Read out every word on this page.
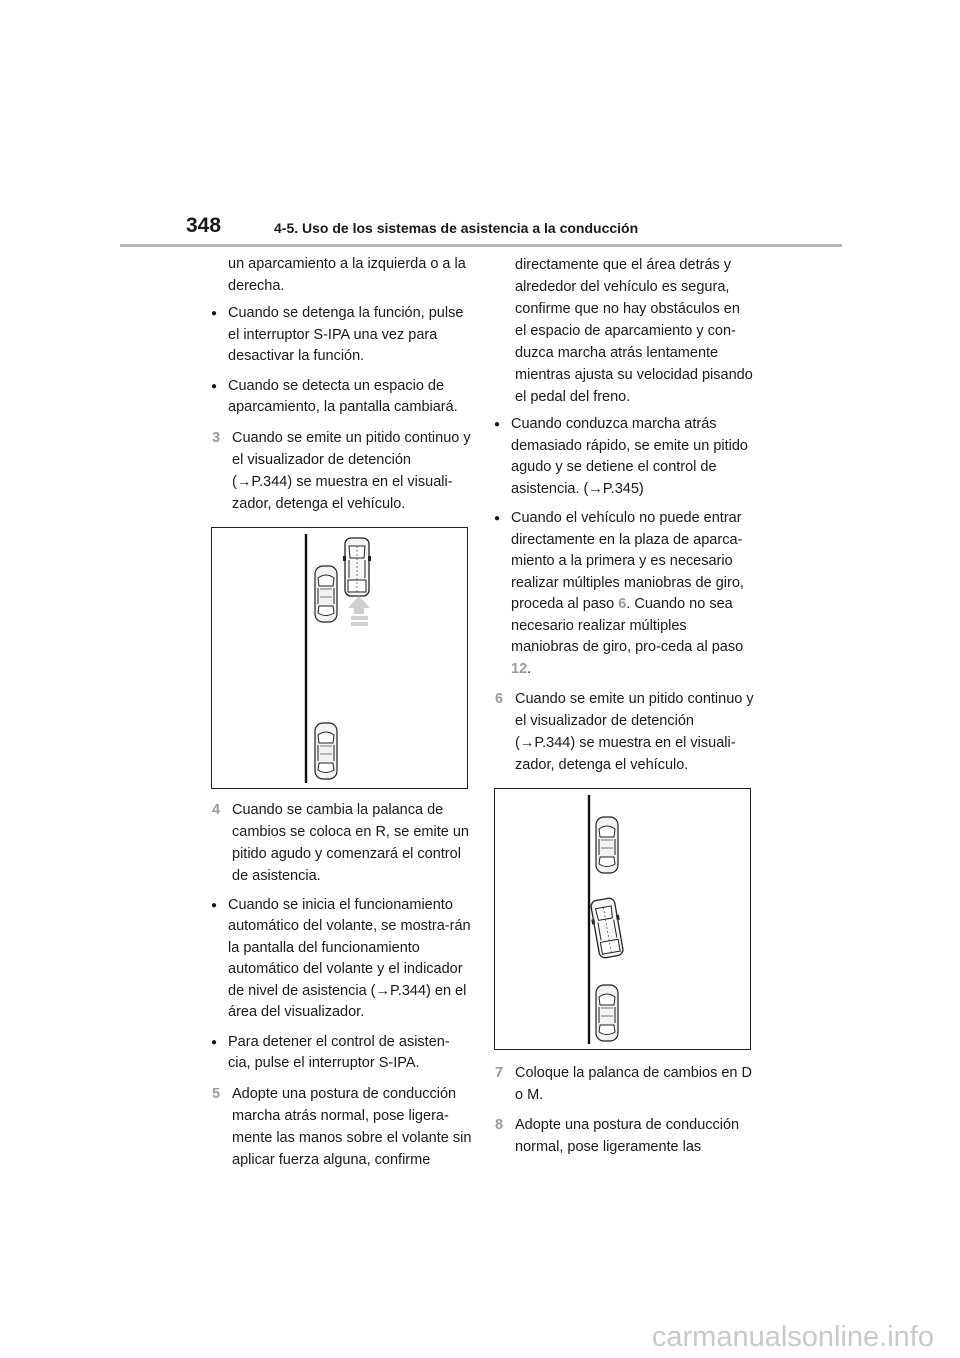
348	4-5. Uso de los sistemas de asistencia a la conducción

un aparcamiento a la izquierda o a la derecha.

● Cuando se detenga la función, pulse el interruptor S-IPA una vez para desactivar la función.

● Cuando se detecta un espacio de aparcamiento, la pantalla cambiará.

3 Cuando se emite un pitido continuo y el visualizador de detención (→P.344) se muestra en el visuali-zador, detenga el vehículo.
4 Cuando se cambia la palanca de cambios se coloca en R, se emite un pitido agudo y comenzará el control de asistencia.

● Cuando se inicia el funcionamiento automático del volante, se mostra-rán la pantalla del funcionamiento automático del volante y el indicador de nivel de asistencia (→P.344) en el área del visualizador.

● Para detener el control de asisten-cia, pulse el interruptor S-IPA.

5 Adopte una postura de conducción marcha atrás normal, pose ligera-mente las manos sobre el volante sin aplicar fuerza alguna, confirme

directamente que el área detrás y alrededor del vehículo es segura, confirme que no hay obstáculos en el espacio de aparcamiento y con-duzca marcha atrás lentamente mientras ajusta su velocidad pisando el pedal del freno.

● Cuando conduzca marcha atrás demasiado rápido, se emite un pitido agudo y se detiene el control de asistencia. (→P.345)

● Cuando el vehículo no puede entrar directamente en la plaza de aparca-miento a la primera y es necesario realizar múltiples maniobras de giro, proceda al paso 6. Cuando no sea necesario realizar múltiples maniobras de giro, pro-ceda al paso 12.

6 Cuando se emite un pitido continuo y el visualizador de detención (→P.344) se muestra en el visuali-zador, detenga el vehículo.
7 Coloque la palanca de cambios en D o M.
8 Adopte una postura de conducción normal, pose ligeramente las
carmanualsonline.info
